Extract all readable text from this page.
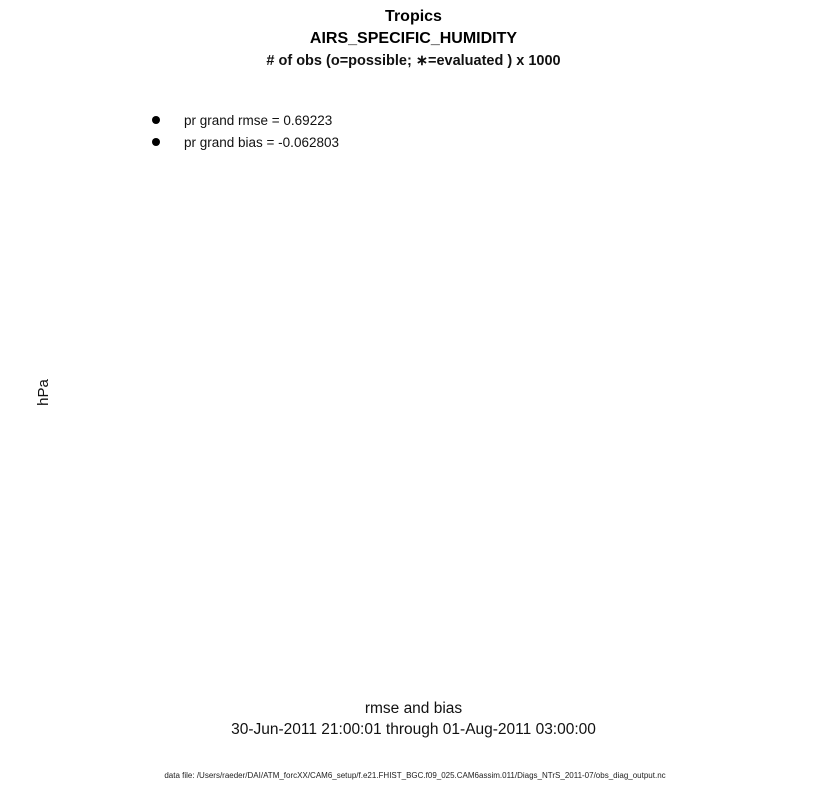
Tropics
AIRS_SPECIFIC_HUMIDITY
# of obs (o=possible; ∗=evaluated ) x 1000
hPa
pr grand rmse = 0.69223
pr grand bias = -0.062803
rmse and bias
30-Jun-2011 21:00:01 through 01-Aug-2011 03:00:00
data file: /Users/raeder/DAI/ATM_forcXX/CAM6_setup/f.e21.FHIST_BGC.f09_025.CAM6assim.011/Diags_NTrS_2011-07/obs_diag_output.nc
